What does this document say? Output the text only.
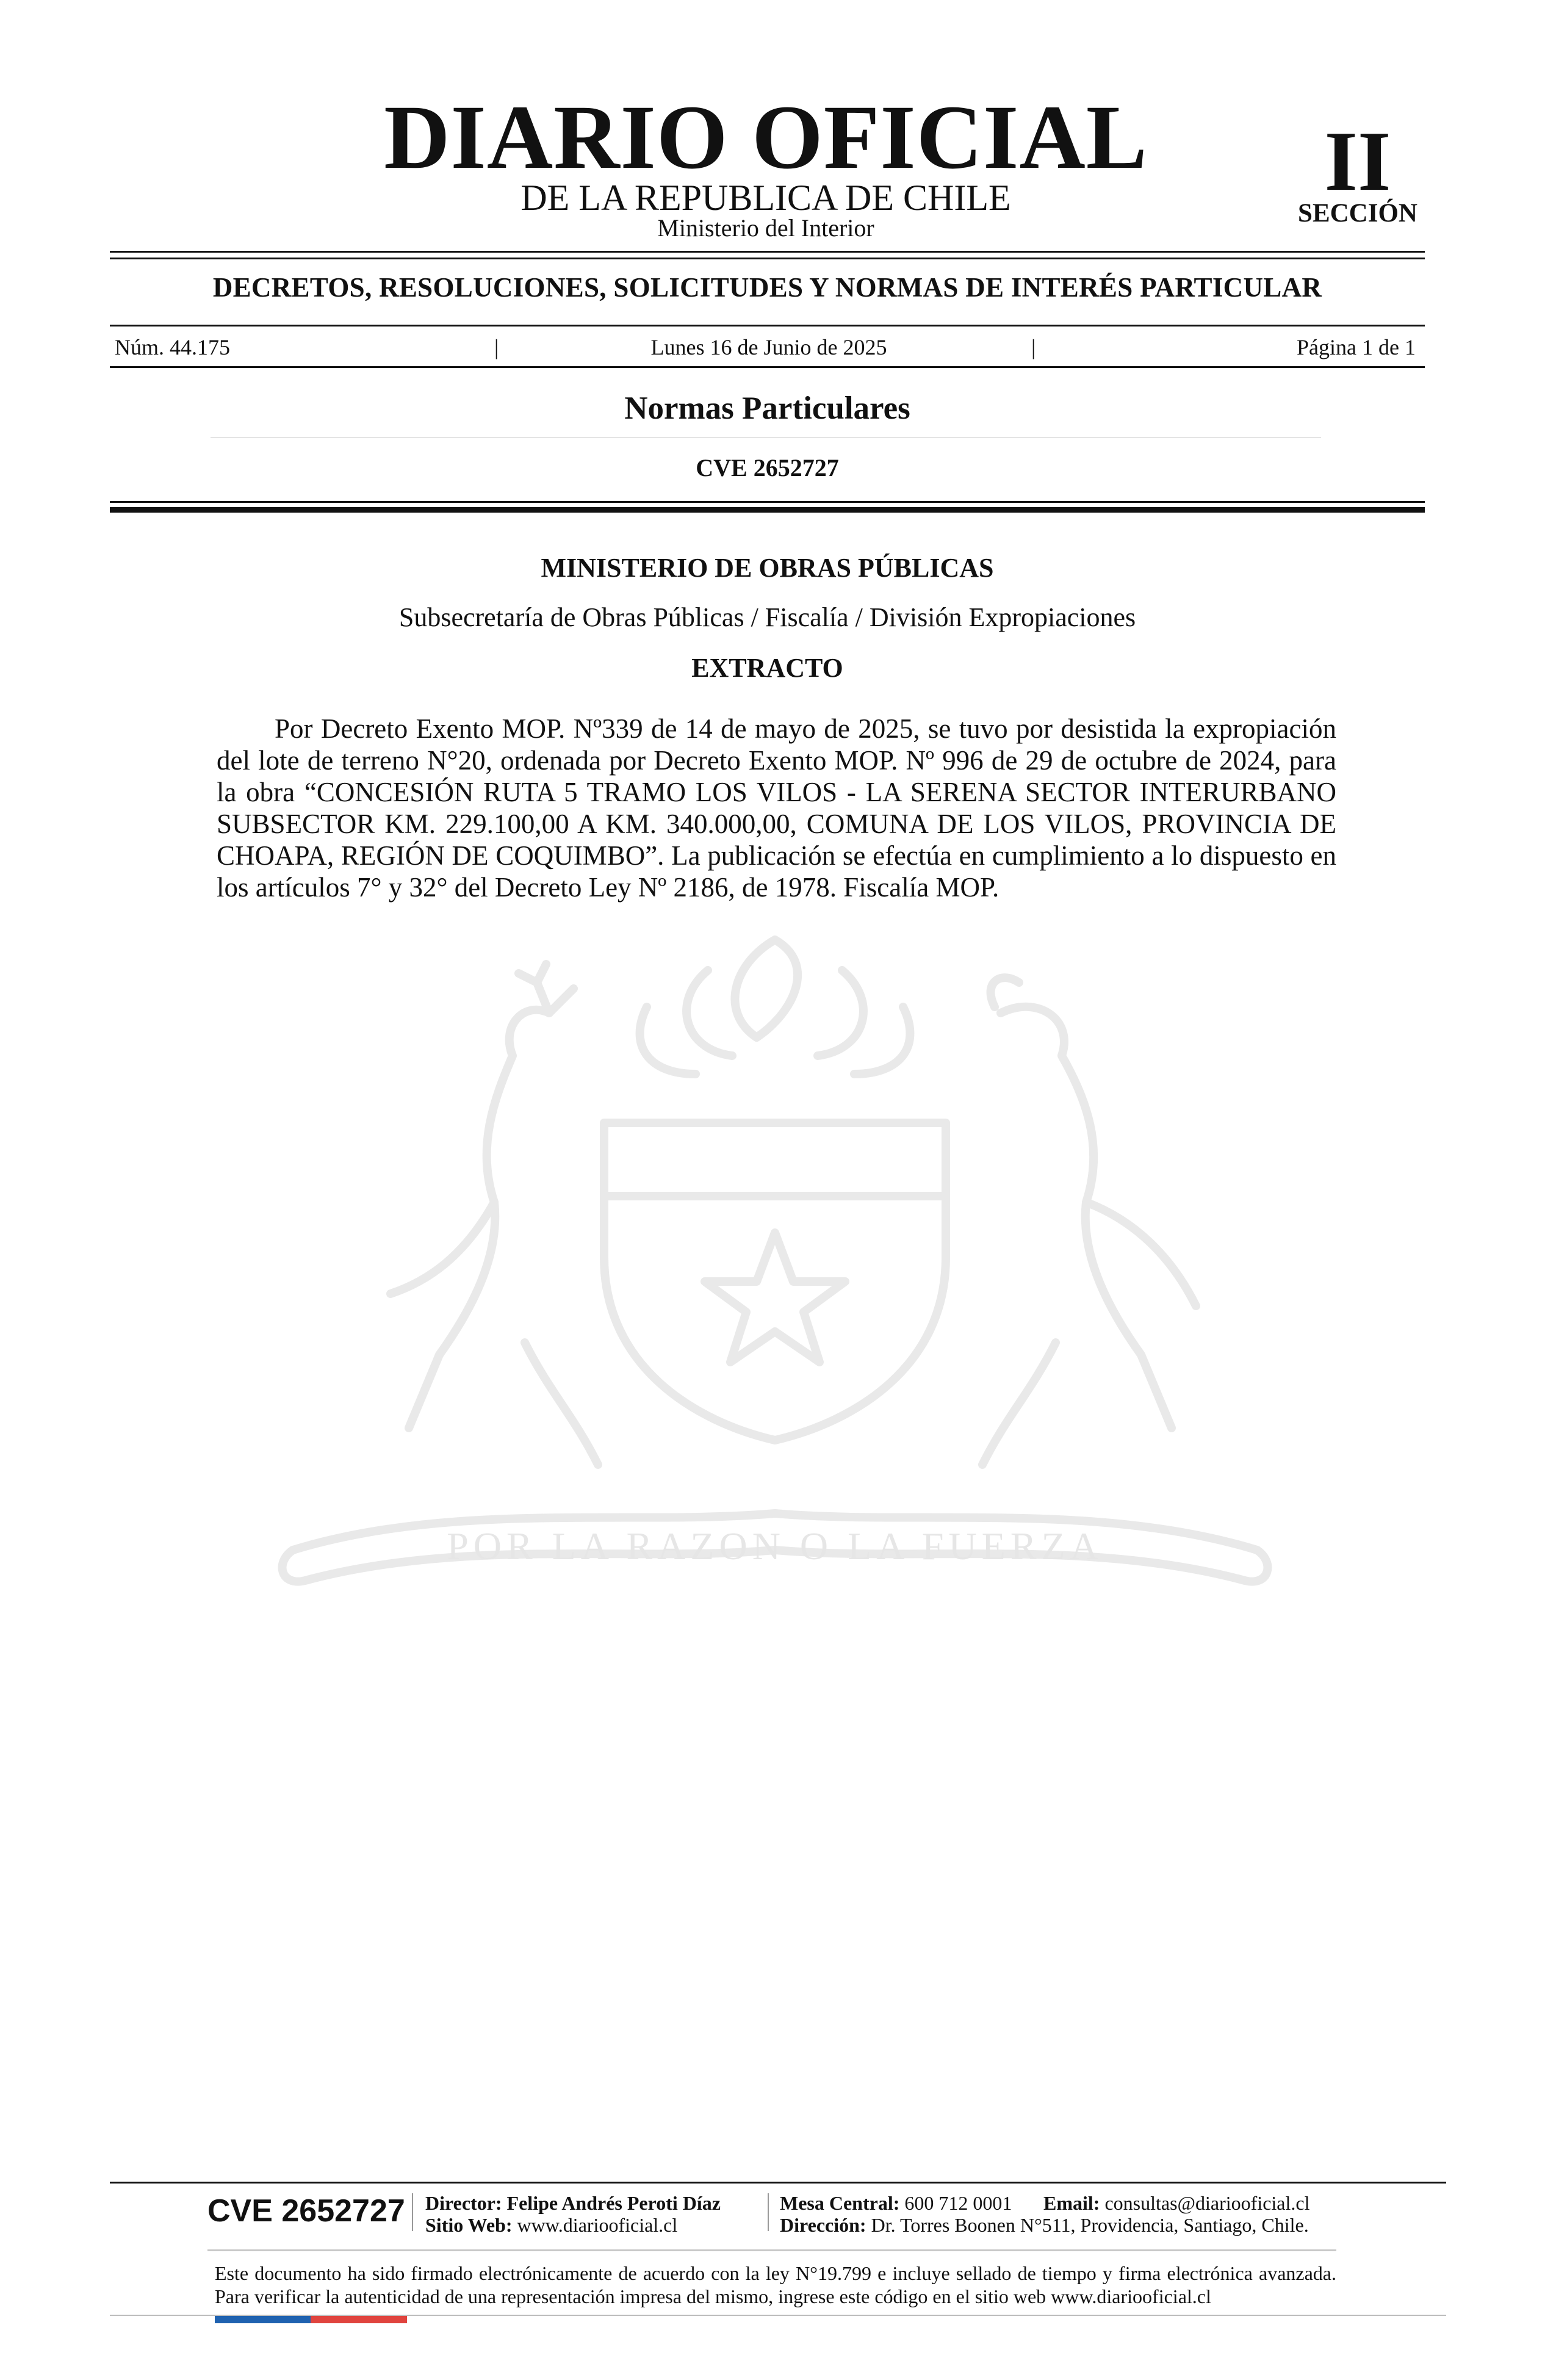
DIARIO OFICIAL
DE LA REPUBLICA DE CHILE
Ministerio del Interior
II
SECCIÓN
DECRETOS, RESOLUCIONES, SOLICITUDES Y NORMAS DE INTERÉS PARTICULAR
Núm. 44.175	|	Lunes 16 de Junio de 2025	|	Página 1 de 1
Normas Particulares
CVE 2652727
POR LA RAZON O LA FUERZA
MINISTERIO DE OBRAS PÚBLICAS
Subsecretaría de Obras Públicas / Fiscalía / División Expropiaciones
EXTRACTO
Por Decreto Exento MOP. Nº339 de 14 de mayo de 2025, se tuvo por desistida la expropiación del lote de terreno N°20, ordenada por Decreto Exento MOP. Nº 996 de 29 de octubre de 2024, para la obra “CONCESIÓN RUTA 5 TRAMO LOS VILOS - LA SERENA SECTOR INTERURBANO SUBSECTOR KM. 229.100,00 A KM. 340.000,00, COMUNA DE LOS VILOS, PROVINCIA DE CHOAPA, REGIÓN DE COQUIMBO”. La publicación se efectúa en cumplimiento a lo dispuesto en los artículos 7° y 32° del Decreto Ley Nº 2186, de 1978. Fiscalía MOP.
CVE 2652727 Director: Felipe Andrés Peroti Díaz
Sitio Web: www.diariooficial.cl
Mesa Central: 600 712 0001 Email: consultas@diariooficial.cl
Dirección: Dr. Torres Boonen N°511, Providencia, Santiago, Chile.
Este documento ha sido firmado electrónicamente de acuerdo con la ley N°19.799 e incluye sellado de tiempo y firma electrónica avanzada. Para verificar la autenticidad de una representación impresa del mismo, ingrese este código en el sitio web www.diariooficial.cl
